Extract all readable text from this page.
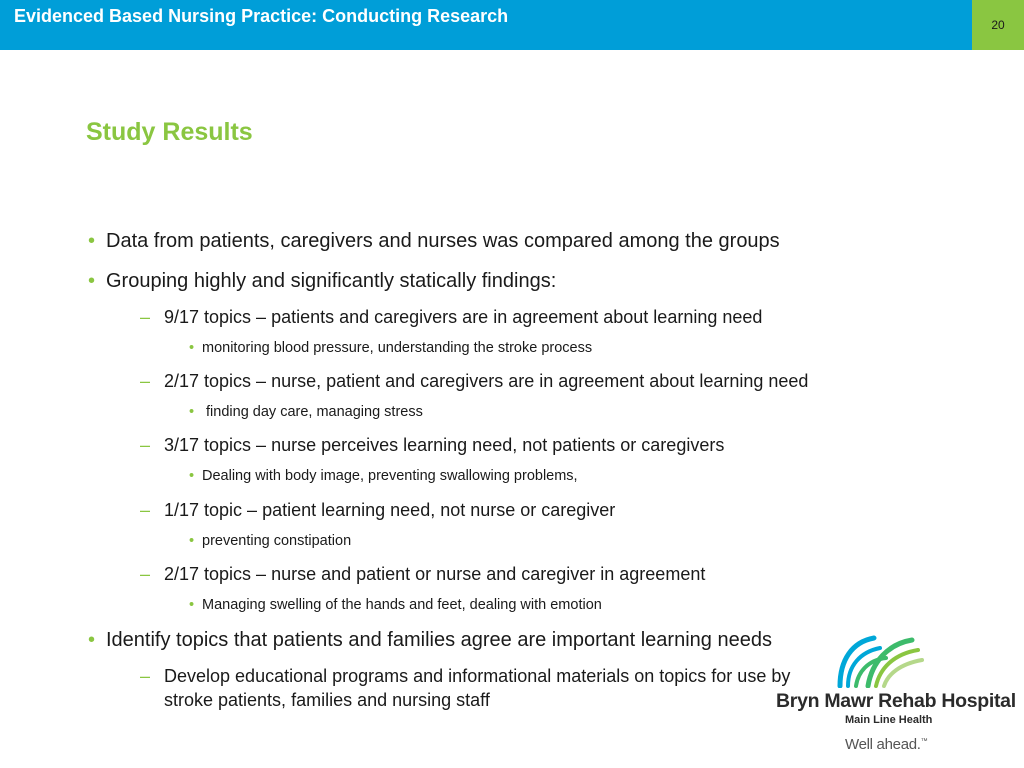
Evidenced Based Nursing Practice: Conducting Research	20
Study Results
• Data from patients, caregivers and nurses was compared among the groups
• Grouping highly and significantly statically findings:
– 9/17 topics – patients and caregivers are in agreement about learning need
• monitoring blood pressure, understanding the stroke process
– 2/17 topics – nurse, patient and caregivers are in agreement about learning need
• finding day care, managing stress
– 3/17 topics – nurse perceives learning need, not patients or caregivers
• Dealing with body image, preventing swallowing problems,
– 1/17 topic – patient learning need, not nurse or caregiver
• preventing constipation
– 2/17 topics – nurse and patient or nurse and caregiver in agreement
• Managing swelling of the hands and feet, dealing with emotion
• Identify topics that patients and families agree are important learning needs
– Develop educational programs and informational materials on topics for use by
stroke patients, families and nursing staff	Bryn Mawr Rehab Hospital
Main Line Health
Well ahead.™
